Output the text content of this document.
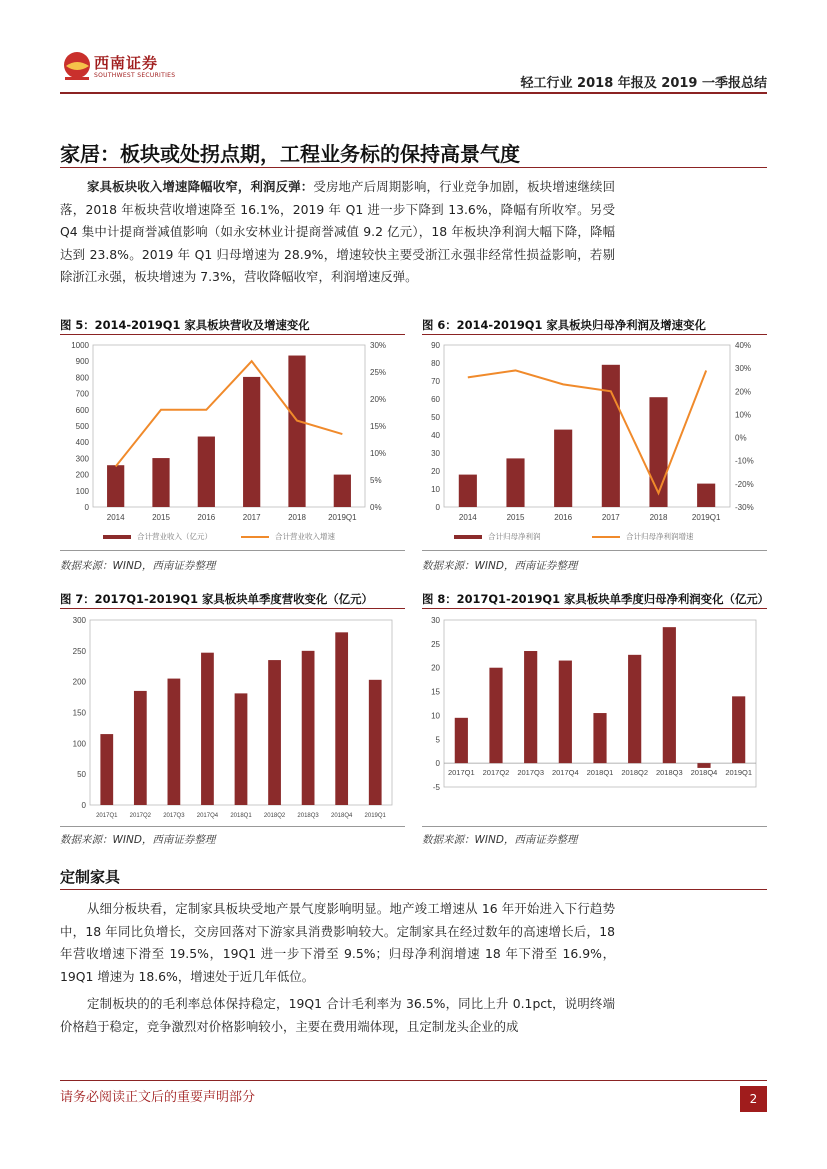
西南证券
SOUTHWEST SECURITIES
轻工行业 2018 年报及 2019 一季报总结
家居：板块或处拐点期，工程业务标的保持高景气度
家具板块收入增速降幅收窄，利润反弹：受房地产后周期影响，行业竞争加剧，板块增速继续回落，2018 年板块营收增速降至 16.1%，2019 年 Q1 进一步下降到 13.6%，降幅有所收窄。另受 Q4 集中计提商誉减值影响（如永安林业计提商誉减值 9.2 亿元），18 年板块净利润大幅下降，降幅达到 23.8%。2019 年 Q1 归母增速为 28.9%，增速较快主要受浙江永强非经常性损益影响，若剔除浙江永强，板块增速为 7.3%，营收降幅收窄，利润增速反弹。
图 5：2014-2019Q1 家具板块营收及增速变化
0
100
200
300
400
500
600
700
800
900
1000
0%
5%
10%
15%
20%
25%
30%
2014	2015	2016	2017	2018	2019Q1
合计营业收入（亿元）	合计营业收入增速
数据来源：WIND，西南证券整理
图 6：2014-2019Q1 家具板块归母净利润及增速变化
0
10
20
30
40
50
60
70
80
90
-30%
-20%
-10%
0%
10%
20%
30%
40%
2014	2015	2016	2017	2018	2019Q1
合计归母净利润	合计归母净利润增速
数据来源：WIND，西南证券整理
图 7：2017Q1-2019Q1 家具板块单季度营收变化（亿元）
0
50
100
150
200
250
300
2017Q1 2017Q2 2017Q3 2017Q4 2018Q1 2018Q2 2018Q3 2018Q4 2019Q1
数据来源：WIND，西南证券整理
图 8：2017Q1-2019Q1 家具板块单季度归母净利润变化（亿元）
-5
0
5
10
15
20
25
30
2017Q1 2017Q2 2017Q3 2017Q4 2018Q1 2018Q2 2018Q3 2018Q4 2019Q1
数据来源：WIND，西南证券整理
定制家具
从细分板块看，定制家具板块受地产景气度影响明显。地产竣工增速从 16 年开始进入下行趋势中，18 年同比负增长，交房回落对下游家具消费影响较大。定制家具在经过数年的高速增长后，18 年营收增速下滑至 19.5%，19Q1 进一步下滑至 9.5%；归母净利润增速 18 年下滑至 16.9%，19Q1 增速为 18.6%，增速处于近几年低位。
定制板块的的毛利率总体保持稳定，19Q1 合计毛利率为 36.5%，同比上升 0.1pct，说明终端价格趋于稳定，竞争激烈对价格影响较小，主要在费用端体现，且定制龙头企业的成
请务必阅读正文后的重要声明部分	2
